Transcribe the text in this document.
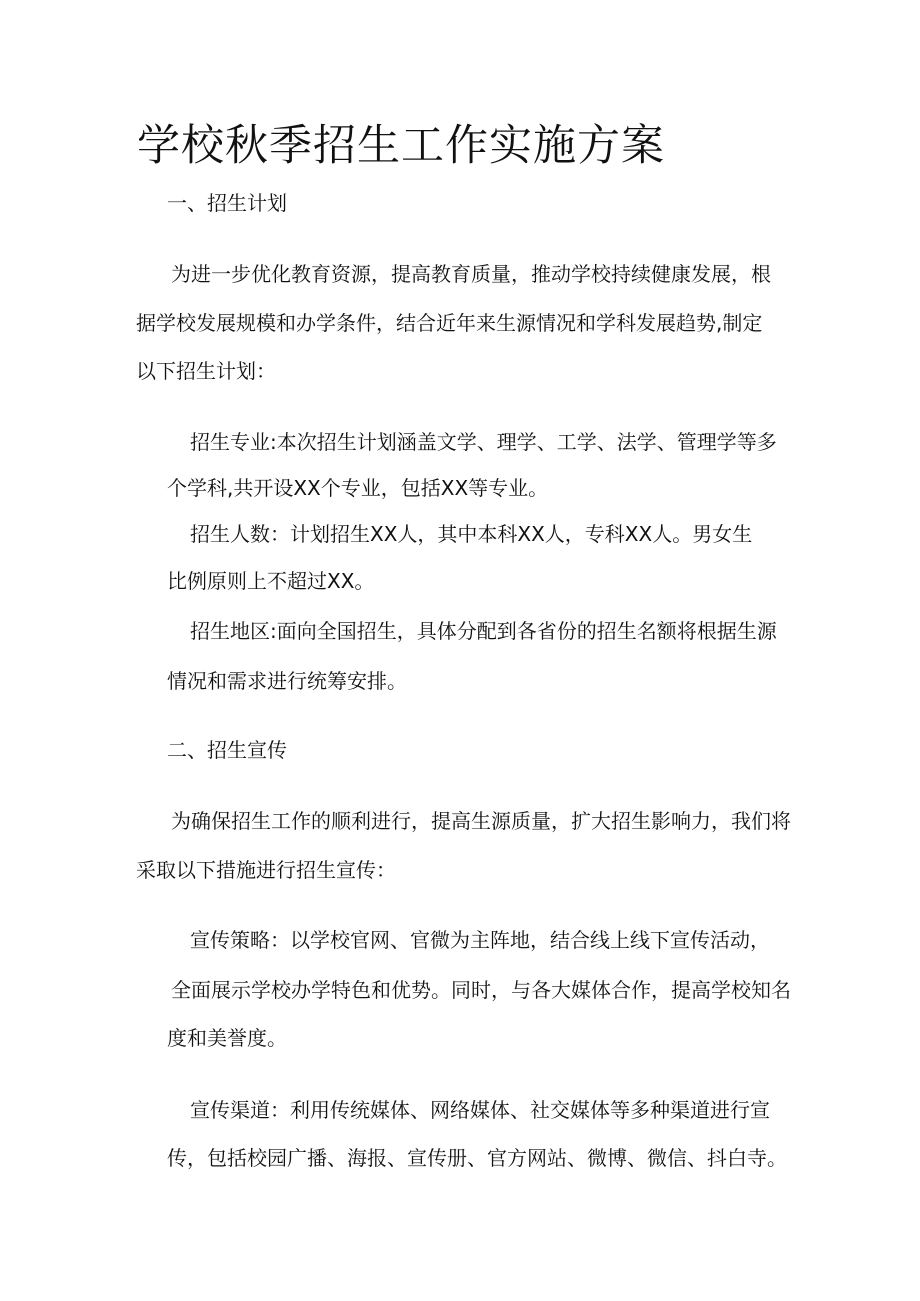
学校秋季招生工作实施方案

一、招生计划

为进一步优化教育资源，提高教育质量，推动学校持续健康发展，根

据学校发展规模和办学条件，结合近年来生源情况和学科发展趋势,制定

以下招生计划：

招生专业:本次招生计划涵盖文学、理学、工学、法学、管理学等多

个学科,共开设XX个专业，包括XX等专业。

招生人数：计划招生XX人，其中本科XX人，专科XX人。男女生

比例原则上不超过XX。

招生地区:面向全国招生，具体分配到各省份的招生名额将根据生源

情况和需求进行统筹安排。

二、招生宣传

为确保招生工作的顺利进行，提高生源质量，扩大招生影响力，我们将

采取以下措施进行招生宣传：

宣传策略：以学校官网、官微为主阵地，结合线上线下宣传活动，

全面展示学校办学特色和优势。同时，与各大媒体合作，提高学校知名

度和美誉度。

宣传渠道：利用传统媒体、网络媒体、社交媒体等多种渠道进行宣

传，包括校园广播、海报、宣传册、官方网站、微博、微信、抖白寺。
